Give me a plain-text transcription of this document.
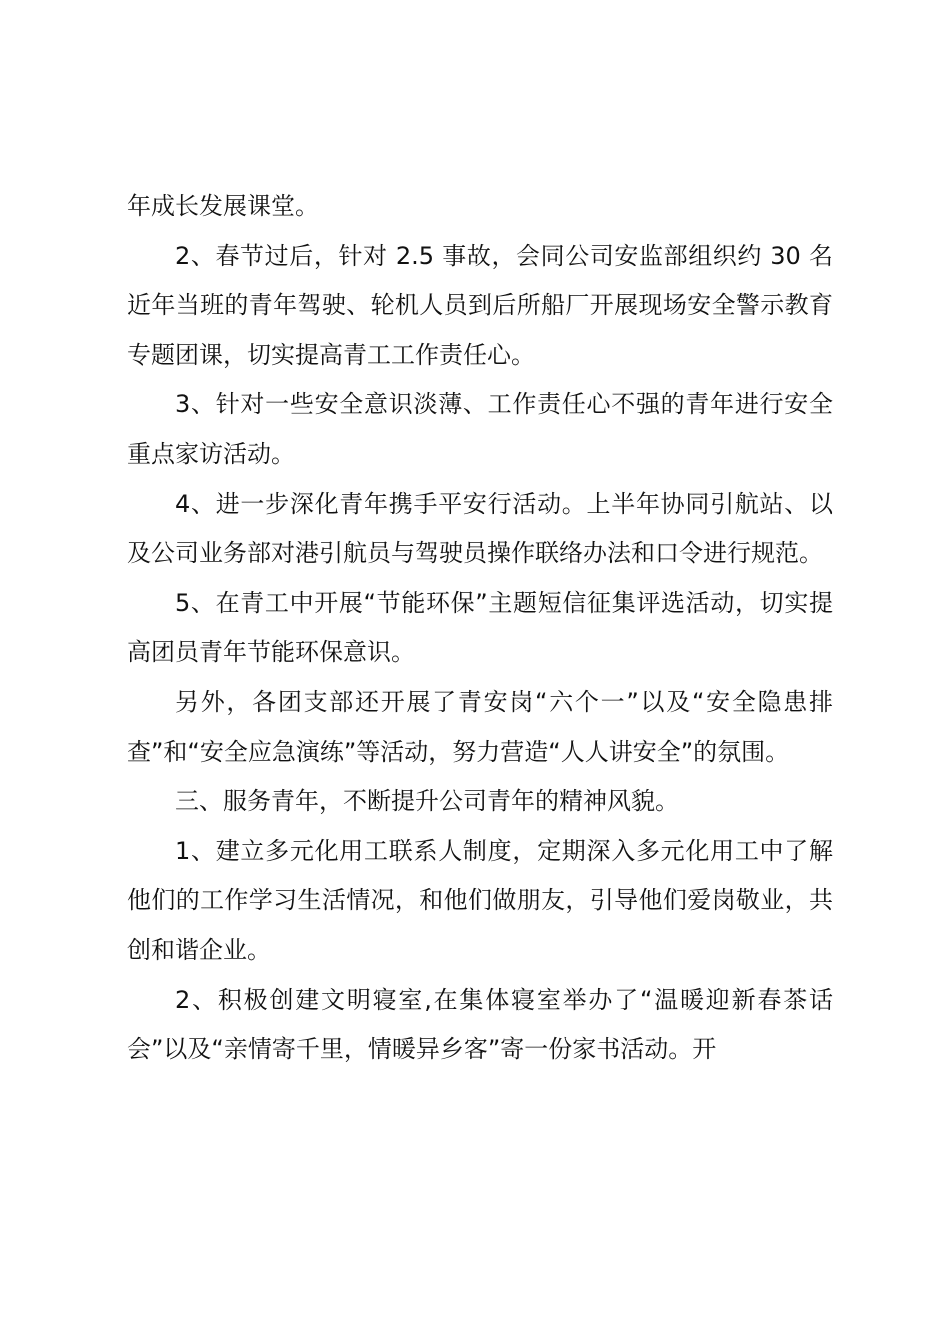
年成长发展课堂。

2、春节过后，针对 2.5 事故，会同公司安监部组织约 30 名近年当班的青年驾驶、轮机人员到后所船厂开展现场安全警示教育专题团课，切实提高青工工作责任心。

3、针对一些安全意识淡薄、工作责任心不强的青年进行安全重点家访活动。

4、进一步深化青年携手平安行活动。上半年协同引航站、以及公司业务部对港引航员与驾驶员操作联络办法和口令进行规范。

5、在青工中开展“节能环保”主题短信征集评选活动，切实提高团员青年节能环保意识。

另外，各团支部还开展了青安岗“六个一”以及“安全隐患排查”和“安全应急演练”等活动，努力营造“人人讲安全”的氛围。

三、服务青年，不断提升公司青年的精神风貌。

1、建立多元化用工联系人制度，定期深入多元化用工中了解他们的工作学习生活情况，和他们做朋友，引导他们爱岗敬业，共创和谐企业。

2、积极创建文明寝室,在集体寝室举办了“温暖迎新春茶话会”以及“亲情寄千里，情暖异乡客”寄一份家书活动。开
